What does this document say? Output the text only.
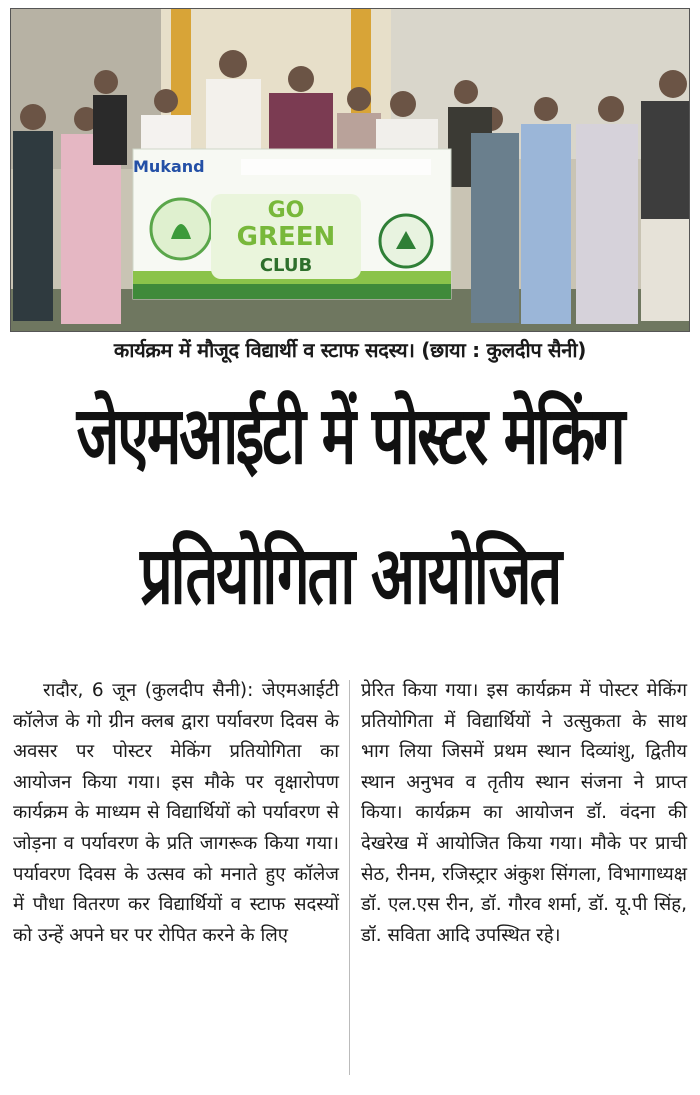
Mukand
GO
GREEN
CLUB
कार्यक्रम में मौजूद विद्यार्थी व स्टाफ सदस्य। (छाया : कुलदीप सैनी)
जेएमआईटी में पोस्टर मेकिंग
प्रतियोगिता आयोजित

रादौर, 6 जून (कुलदीप सैनी): जेएमआईटी कॉलेज के गो ग्रीन क्लब द्वारा पर्यावरण दिवस के अवसर पर पोस्टर मेकिंग प्रतियोगिता का आयोजन किया गया। इस मौके पर वृक्षारोपण कार्यक्रम के माध्यम से विद्यार्थियों को पर्यावरण से जोड़ना व पर्यावरण के प्रति जागरूक किया गया। पर्यावरण दिवस के उत्सव को मनाते हुए कॉलेज में पौधा वितरण कर विद्यार्थियों व स्टाफ सदस्यों को उन्हें अपने घर पर रोपित करने के लिए

प्रेरित किया गया। इस कार्यक्रम में पोस्टर मेकिंग प्रतियोगिता में विद्यार्थियों ने उत्सुकता के साथ भाग लिया जिसमें प्रथम स्थान दिव्यांशु, द्वितीय स्थान अनुभव व तृतीय स्थान संजना ने प्राप्त किया। कार्यक्रम का आयोजन डॉ. वंदना की देखरेख में आयोजित किया गया। मौके पर प्राची सेठ, रीनम, रजिस्ट्रार अंकुश सिंगला, विभागाध्यक्ष डॉ. एल.एस रीन, डॉ. गौरव शर्मा, डॉ. यू.पी सिंह, डॉ. सविता आदि उपस्थित रहे।
